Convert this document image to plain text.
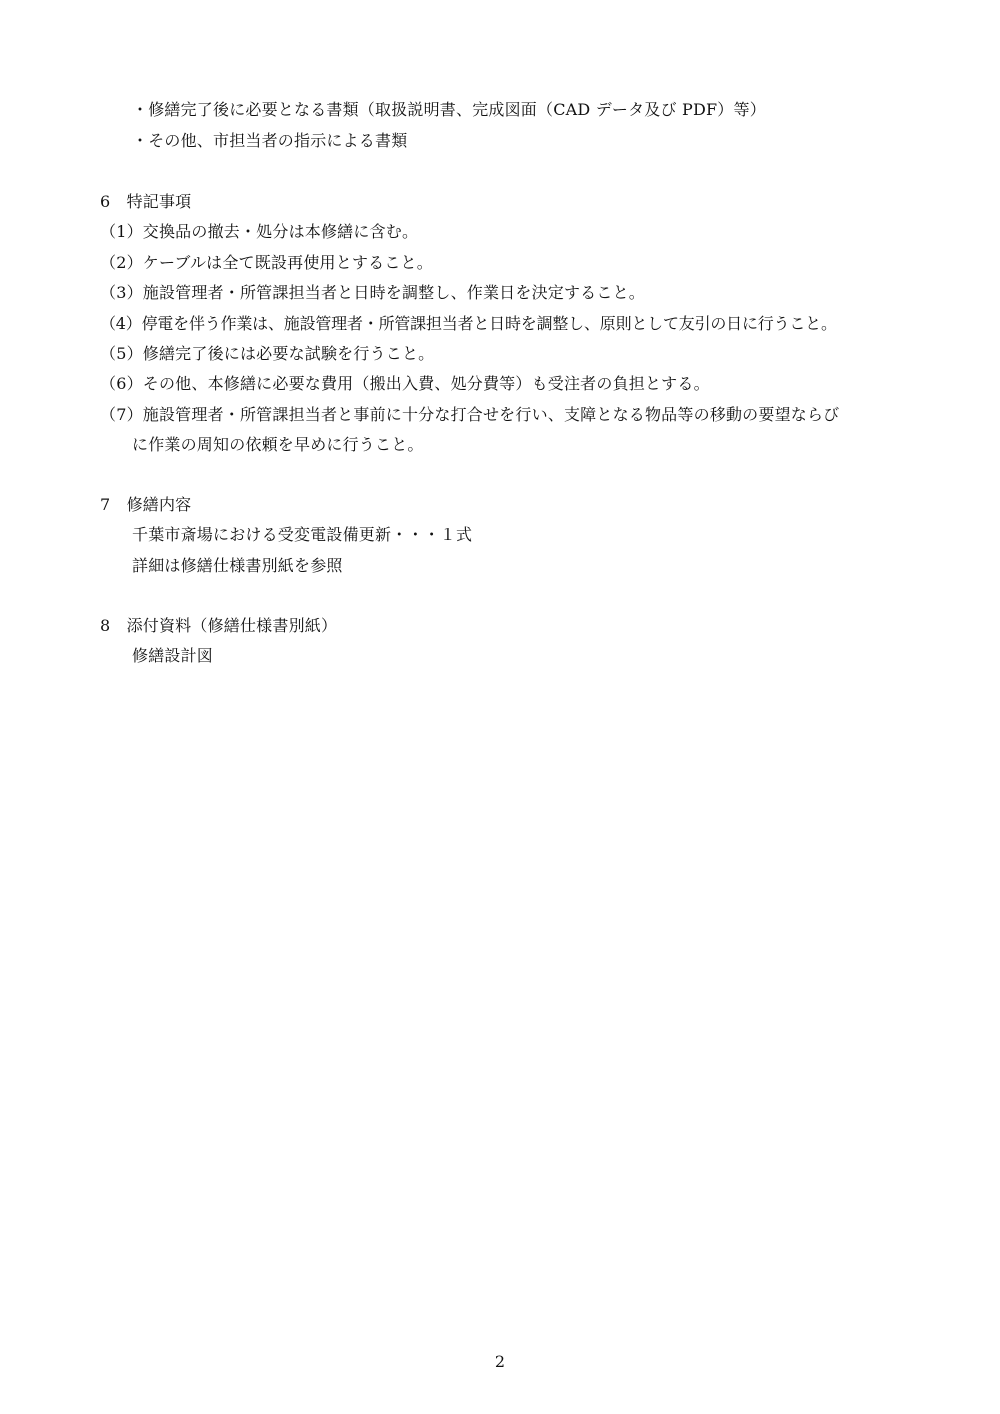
・修繕完了後に必要となる書類（取扱説明書、完成図面（CAD データ及び PDF）等）
・その他、市担当者の指示による書類
6　特記事項
（1）交換品の撤去・処分は本修繕に含む。
（2）ケーブルは全て既設再使用とすること。
（3）施設管理者・所管課担当者と日時を調整し、作業日を決定すること。
（4）停電を伴う作業は、施設管理者・所管課担当者と日時を調整し、原則として友引の日に行うこと。
（5）修繕完了後には必要な試験を行うこと。
（6）その他、本修繕に必要な費用（搬出入費、処分費等）も受注者の負担とする。
（7）施設管理者・所管課担当者と事前に十分な打合せを行い、支障となる物品等の移動の要望ならび
に作業の周知の依頼を早めに行うこと。
7　修繕内容
千葉市斎場における受変電設備更新・・・１式
詳細は修繕仕様書別紙を参照
8　添付資料（修繕仕様書別紙）
修繕設計図
2
